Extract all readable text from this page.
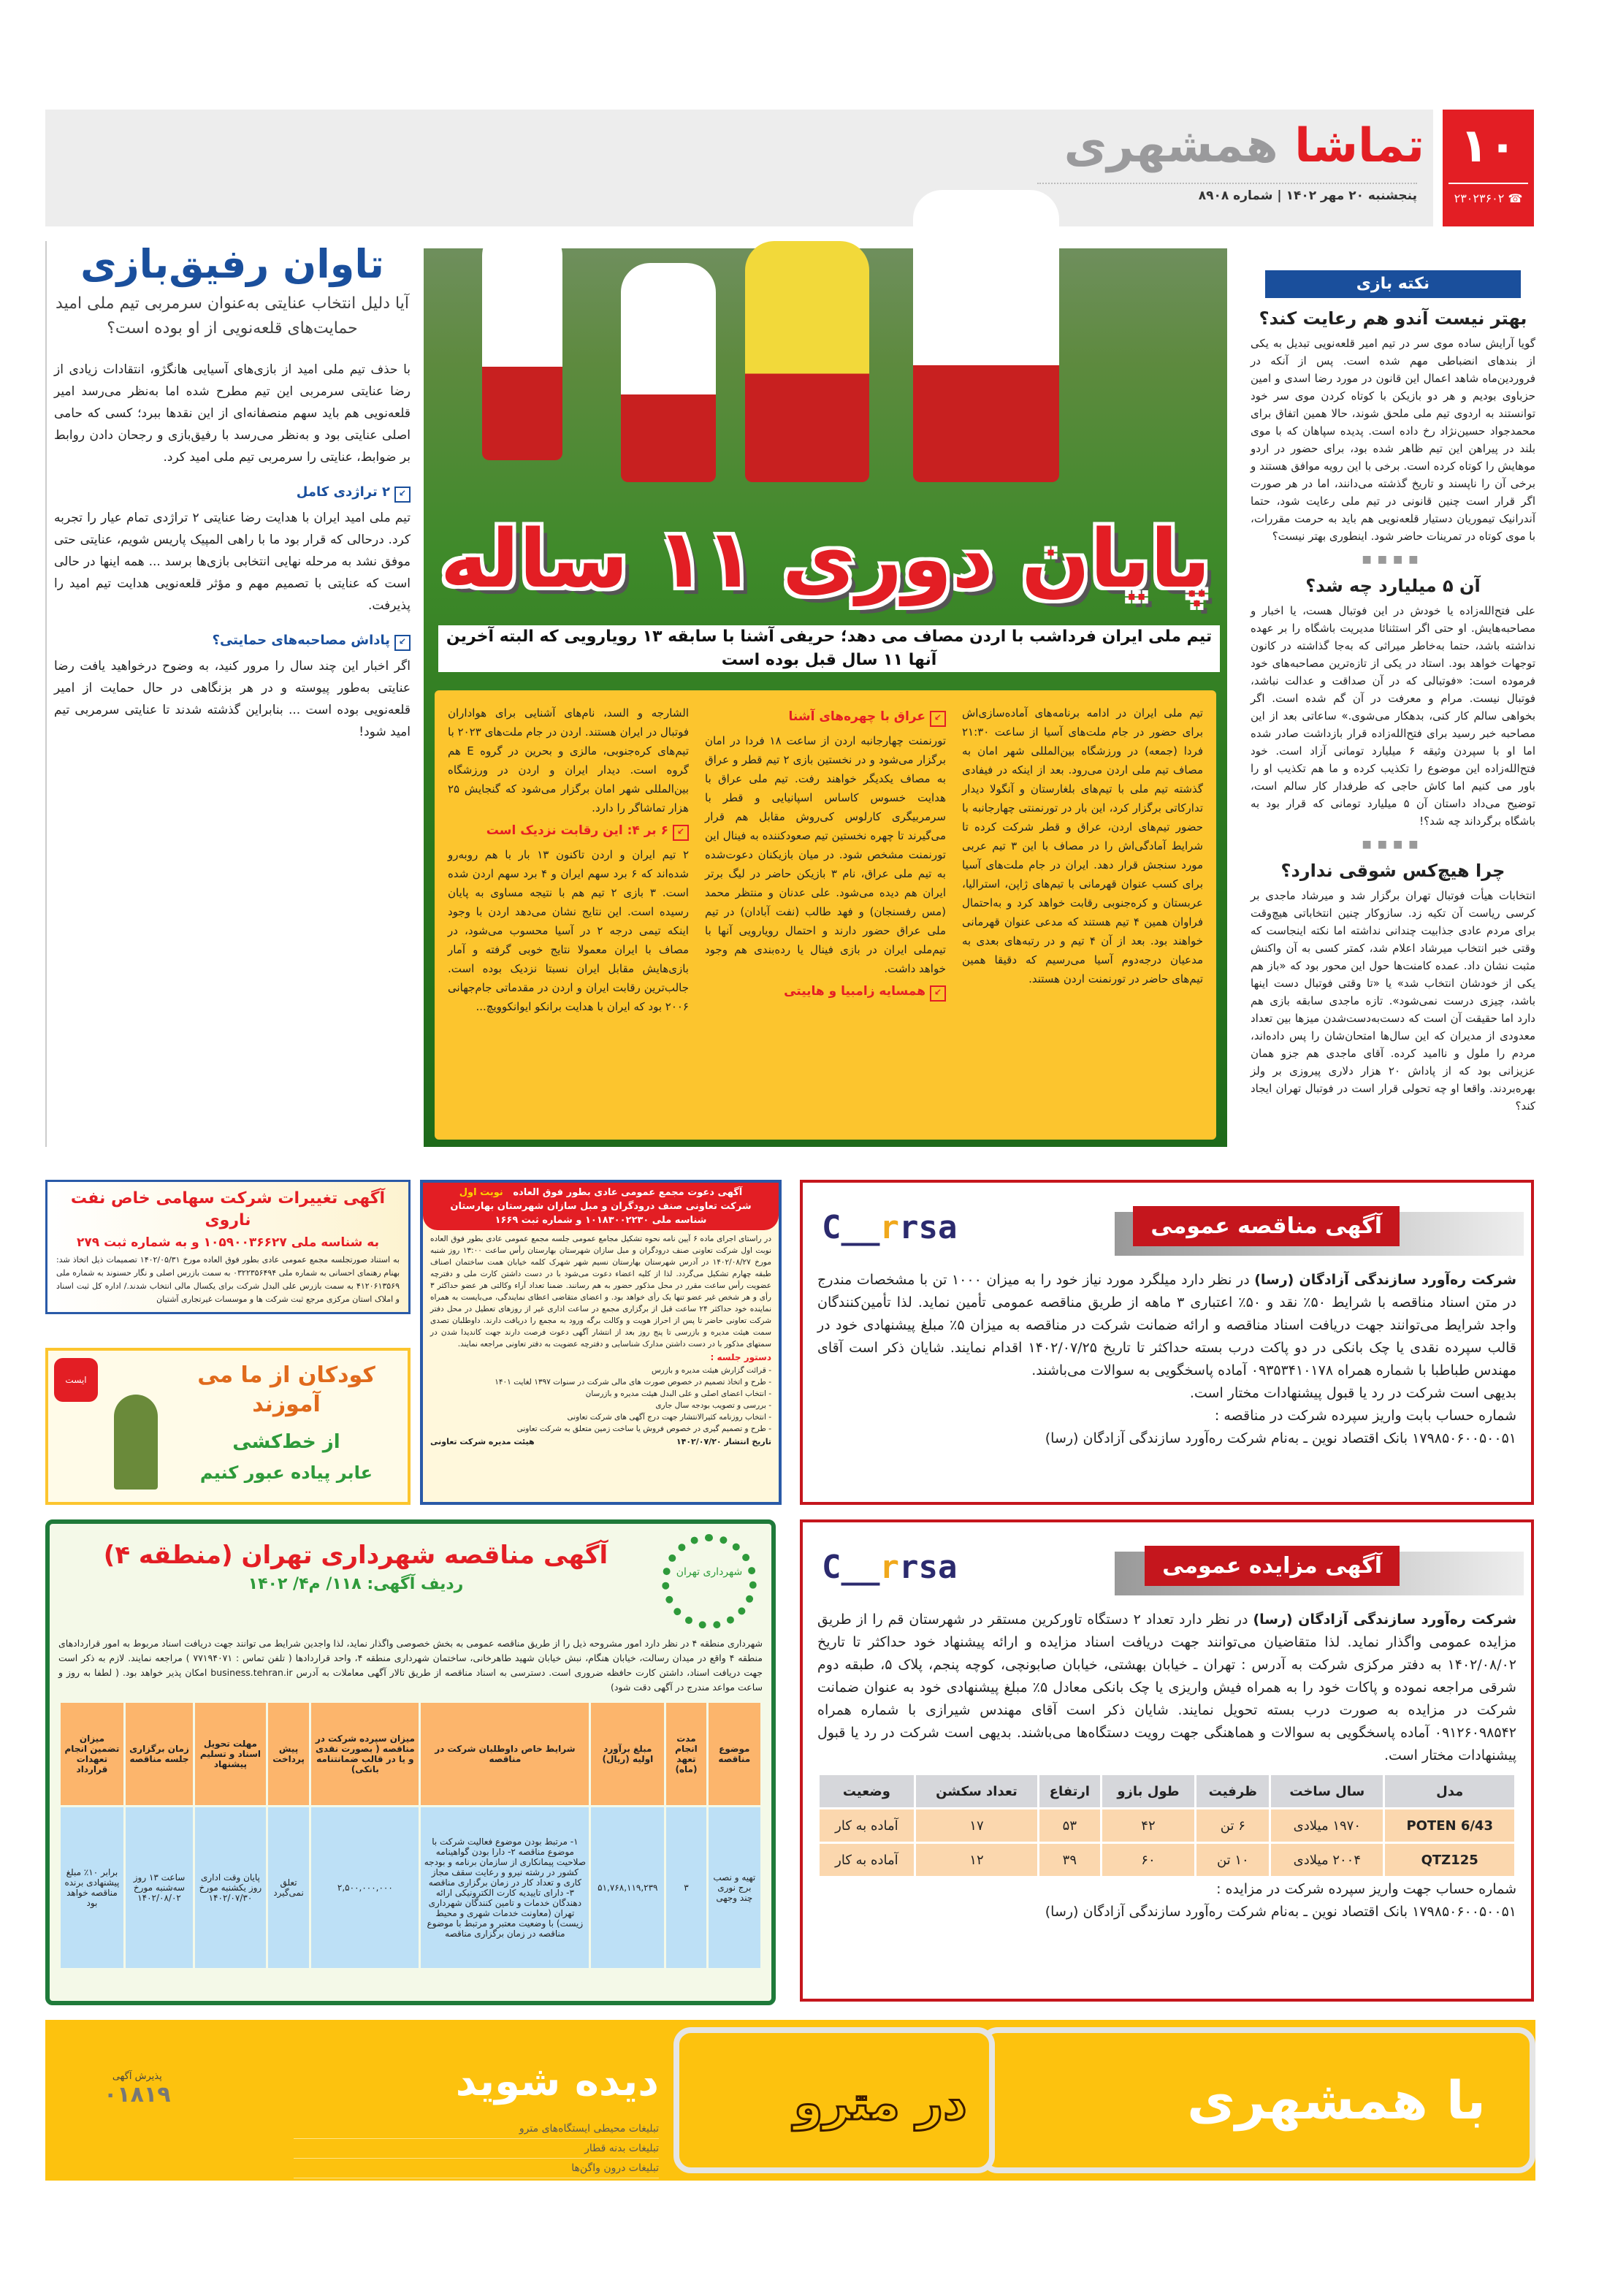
تماشا همشهری
پنجشنبه ۲۰ مهر ۱۴۰۲ | شماره ۸۹۰۸
۱۰
☎ ۲۳۰۲۳۶۰۲
پایان دوری ۱۱ ساله
تیم ملی ایران فرداشب با اردن مصاف می دهد؛ حریفی آشنا با سابقه ۱۳ رویارویی که البته آخرین آنها ۱۱ سال قبل بوده است

تیم ملی ایران در ادامه برنامه‌های آماده‌سازی‌اش برای حضور در جام ملت‌های آسیا از ساعت ۲۱:۳۰ فردا (جمعه) در ورزشگاه بین‌المللی شهر امان به مصاف تیم ملی اردن می‌رود. بعد از اینکه در فیفادی گذشته تیم ملی با تیم‌های بلغارستان و آنگولا دیدار تدارکاتی برگزار کرد، این بار در تورنمنتی چهارجانبه با حضور تیم‌های اردن، عراق و قطر شرکت کرده تا شرایط آمادگی‌اش را در مصاف با این ۳ تیم عربی مورد سنجش قرار دهد. ایران در جام ملت‌های آسیا برای کسب عنوان قهرمانی با تیم‌های ژاپن، استرالیا، عربستان و کره‌جنوبی رقابت خواهد کرد و به‌احتمال فراوان همین ۴ تیم هستند که مدعی عنوان قهرمانی خواهند بود. بعد از آن ۴ تیم و در رتبه‌های بعدی به مدعیان درجه‌دوم آسیا می‌رسیم که دقیقا همین تیم‌های حاضر در تورنمنت اردن هستند.

↙ عراق با چهره‌های آشنا

تورنمنت چهارجانبه اردن از ساعت ۱۸ فردا در امان برگزار می‌شود و در نخستین بازی ۲ تیم قطر و عراق به مصاف یکدیگر خواهند رفت. تیم ملی عراق با هدایت خسوس کاساس اسپانیایی و قطر با سرمربیگری کارلوس کی‌روش مقابل هم قرار می‌گیرند تا چهره نخستین تیم صعودکننده به فینال این تورنمنت مشخص شود. در میان بازیکنان دعوت‌شده به تیم ملی عراق، نام ۳ بازیکن حاضر در لیگ برتر ایران هم دیده می‌شود. علی عدنان و منتظر محمد (مس رفسنجان) و فهد طالب (نفت آبادان) در تیم ملی عراق حضور دارند و احتمال رویارویی آنها با تیم‌ملی ایران در بازی فینال یا رده‌بندی هم وجود خواهد داشت.

↙ همسایه زامبیا و هاییتی

الشارجه و السد، نام‌های آشنایی برای هواداران فوتبال در ایران هستند. اردن در جام ملت‌های ۲۰۲۳ با تیم‌های کره‌جنوبی، مالزی و بحرین در گروه E هم گروه است. دیدار ایران و اردن در ورزشگاه بین‌المللی شهر امان برگزار می‌شود که گنجایش ۲۵ هزار تماشاگر را دارد.

↙ ۶ بر ۴: این رقابت نزدیک است

۲ تیم ایران و اردن تاکنون ۱۳ بار با هم روبه‌رو شده‌اند که ۶ برد سهم ایران و ۴ برد سهم اردن شده است. ۳ بازی ۲ تیم هم با نتیجه مساوی به پایان رسیده است. این نتایج نشان می‌دهد اردن با وجود اینکه تیمی درجه ۲ در آسیا محسوب می‌شود، در مصاف با ایران معمولا نتایج خوبی گرفته و آمار بازی‌هایش مقابل ایران نسبتا نزدیک بوده است. جالب‌ترین رقابت ایران و اردن در مقدماتی جام‌جهانی ۲۰۰۶ بود که ایران با هدایت برانکو ایوانکوویچ...

تاوان رفیق‌بازی
آیا دلیل انتخاب عنایتی به‌عنوان سرمربی تیم ملی امید حمایت‌های قلعه‌نویی از او بوده است؟

با حذف تیم ملی امید از بازی‌های آسیایی هانگژو، انتقادات زیادی از رضا عنایتی سرمربی این تیم مطرح شده اما به‌نظر می‌رسد امیر قلعه‌نویی هم باید سهم منصفانه‌ای از این نقدها ببرد؛ کسی که حامی اصلی عنایتی بود و به‌نظر می‌رسد با رفیق‌بازی و رجحان دادن روابط بر ضوابط، عنایتی را سرمربی تیم ملی امید کرد.

↙ ۲ تراژدی کامل

تیم ملی امید ایران با هدایت رضا عنایتی ۲ تراژدی تمام عیار را تجربه کرد. درحالی که قرار بود ما با راهی المپیک پاریس شویم، عنایتی حتی موفق نشد به مرحله نهایی انتخابی بازی‌ها برسد ... همه اینها در حالی است که عنایتی با تصمیم مهم و مؤثر قلعه‌نویی هدایت تیم امید را پذیرفت.

↙ پاداش مصاحبه‌های حمایتی؟

اگر اخبار این چند سال را مرور کنید، به وضوح درخواهید یافت رضا عنایتی به‌طور پیوسته و در هر بزنگاهی در حال حمایت از امیر قلعه‌نویی بوده است ... بنابراین گذشته شدند تا عنایتی سرمربی تیم امید شود!

نکته بازی
بهتر نیست آندو هم رعایت کند؟

گویا آرایش ساده موی سر در تیم امیر قلعه‌نویی تبدیل به یکی از بندهای انضباطی مهم شده است. پس از آنکه در فروردین‌ماه شاهد اعمال این قانون در مورد رضا اسدی و امین حزباوی بودیم و هر دو بازیکن با کوتاه کردن موی سر خود توانستند به اردوی تیم ملی ملحق شوند، حالا همین اتفاق برای محمدجواد حسین‌نژاد رخ داده است. پدیده سپاهان که با موی بلند در پیراهن این تیم ظاهر شده بود، برای حضور در اردو موهایش را کوتاه کرده است. برخی با این رویه موافق هستند و برخی آن را ناپسند و تاریخ گذشته می‌دانند، اما در هر صورت اگر قرار است چنین قانونی در تیم ملی رعایت شود، حتما آندرانیک تیموریان دستیار قلعه‌نویی هم باید به حرمت مقررات، با موی کوتاه در تمرینات حاضر شود. اینطوری بهتر نیست؟

■■■■
آن ۵ میلیارد چه شد؟

علی فتح‌الله‌زاده یا خودش در این فوتبال هست، یا اخبار و مصاحبه‌هایش. او حتی اگر استثنائا مدیریت باشگاه را بر عهده نداشته باشد، حتما به‌خاطر میراثی که به‌جا گذاشته در کانون توجهات خواهد بود. استاد در یکی از تازه‌ترین مصاحبه‌های خود فرموده است: «فوتبالی که در آن صداقت و عدالت نباشد، فوتبال نیست. مرام و معرفت در آن گم شده است. اگر بخواهی سالم کار کنی، بدهکار می‌شوی.» ساعاتی بعد از این مصاحبه خبر رسید برای فتح‌الله‌زاده قرار بازداشت صادر شده اما او با سپردن وثیقه ۶ میلیارد تومانی آزاد است. خود فتح‌الله‌زاده این موضوع را تکذیب کرده و ما هم تکذیب او را باور می کنیم اما کاش حاجی که طرفدار کار سالم است، توضیح می‌داد داستان آن ۵ میلیارد تومانی که قرار بود به باشگاه برگرداند چه شد؟!

■■■■
چرا هیچ‌کس شوقی ندارد؟

انتخابات هیأت فوتبال تهران برگزار شد و میرشاد ماجدی بر کرسی ریاست آن تکیه زد. سازوکار چنین انتخاباتی هیچ‌وقت برای مردم عادی جذابیت چندانی نداشته اما نکته اینجاست که وقتی خبر انتخاب میرشاد اعلام شد، کمتر کسی به آن واکنش مثبت نشان داد. عمده کامنت‌ها حول این محور بود که «باز هم یکی از خودشان انتخاب شد» یا «تا وقتی فوتبال دست اینها باشد، چیزی درست نمی‌شود». تازه ماجدی سابقه بازی هم دارد اما حقیقت آن است که دست‌به‌دست‌شدن میزها بین تعداد معدودی از مدیران که این سال‌ها امتحان‌شان را پس داده‌اند، مردم را ملول و ناامید کرده. آقای ماجدی هم جزو همان عزیزانی بود که از پاداش ۲۰ هزار دلاری پیروزی بر ولز بهره‌بردند. واقعا او چه تحولی قرار است در فوتبال تهران ایجاد کند؟

آگهی تغییرات شرکت سهامی خاص نفت ناروی
به شناسه ملی ۱۰۵۹۰۰۳۶۶۲۷ و به شماره ثبت ۲۷۹

به استناد صورتجلسه مجمع عمومی عادی بطور فوق العاده مورخ ۱۴۰۲/۰۵/۳۱ تصمیمات ذیل اتخاذ شد: بهنام رهنمای احسانی به شماره ملی ۰۳۲۲۳۵۶۴۹۴ به سمت بازرس اصلی و نگار حسنوند به شماره ملی ۴۱۲۰۶۱۳۵۶۹ به سمت بازرس علی البدل شرکت برای یکسال مالی انتخاب شدند./ اداره کل ثبت اسناد و املاک استان مرکزی مرجع ثبت شرکت ها و موسسات غیرتجاری آشتیان

ایست	کودکان از ما می آموزند
از خط‌کشی
عابر پیاده عبور کنیم
آگهی دعوت مجمع عمومی عادی بطور فوق العاده   نوبت اول
شرکت تعاونی صنف درودگران و مبل سازان شهرستان بهارستان
شناسه ملی ۱۰۱۸۳۰۰۲۲۳۰ و شماره ثبت ۱۶۶۹

در راستای اجرای ماده ۶ آیین نامه نحوه تشکیل مجامع عمومی جلسه مجمع عمومی عادی بطور فوق العاده نوبت اول شرکت تعاونی صنف درودگران و مبل سازان شهرستان بهارستان رأس ساعت ۱۳:۰۰ روز شنبه مورخ ۱۴۰۲/۰۸/۲۷ در آدرس شهرستان بهارستان نسیم شهر شهرک کلمه خیابان همت ساختمان اصناف طبقه چهارم تشکیل می‌گردد. لذا از کلیه اعضاء دعوت می‌شود با در دست داشتن کارت ملی و دفترچه عضویت رأس ساعت مقرر در محل مذکور حضور به هم رسانند. ضمنا تعداد آراء وکالتی هر عضو حداکثر ۳ رأی و هر شخص غیر عضو تنها یک رأی خواهد بود. و اعضای متقاضی اعطای نمایندگی، می‌بایست به همراه نماینده خود حداکثر ۲۴ ساعت قبل از برگزاری مجمع در ساعت اداری غیر از روزهای تعطیل در محل دفتر شرکت تعاونی حاضر تا پس از احراز هویت و وکالت برگه ورود به مجمع را دریافت دارند. داوطلبان تصدی سمت هیئت مدیره و بازرسی تا پنج روز بعد از انتشار آگهی دعوت فرصت دارند جهت کاندیدا شدن در سمتهای مذکور با در دست داشتن مدارک شناسایی و دفترچه عضویت به دفتر تعاونی مراجعه نمایند.

دستور جلسه :
- قرائت گزارش هیئت مدیره و بازرس
- طرح و اتخاذ تصمیم در خصوص صورت های مالی شرکت در سنوات ۱۳۹۷ لغایت ۱۴۰۱
- انتخاب اعضای اصلی و علی البدل هیئت مدیره و بازرسان
- بررسی و تصویب بودجه سال جاری
- انتخاب روزنامه کثیرالانتشار جهت درج آگهی های شرکت تعاونی
- طرح و تصمیم گیری در خصوص فروش یا ساخت زمین متعلق به شرکت تعاونی
تاریخ انتشار ۱۴۰۲/۰۷/۲۰
هیئت مدیره شرکت تعاونی
آگهی مناقصه عمومی
C__rrsa

شرکت ره‌آورد سازندگی آزادگان (رسا) در نظر دارد میلگرد مورد نیاز خود را به میزان ۱۰۰۰ تن با مشخصات مندرج در متن اسناد مناقصه با شرایط ۵۰٪ نقد و ۵۰٪ اعتباری ۳ ماهه از طریق مناقصه عمومی تأمین نماید. لذا تأمین‌کنندگان واجد شرایط می‌توانند جهت دریافت اسناد مناقصه و ارائه ضمانت شرکت در مناقصه به میزان ۵٪ مبلغ پیشنهادی خود در قالب سپرده نقدی یا چک بانکی در دو پاکت درب بسته حداکثر تا تاریخ ۱۴۰۲/۰۷/۲۵ اقدام نمایند. شایان ذکر است آقای مهندس طباطبا با شماره همراه ۰۹۳۵۳۴۱۰۱۷۸ آماده پاسخگویی به سوالات می‌باشند.

بدیهی است شرکت در رد یا قبول پیشنهادات مختار است.

شماره حساب بابت واریز سپرده شرکت در مناقصه :

۱۷۹۸۵۰۶۰۰۵۰۰۵۱ بانک اقتصاد نوین ـ به‌نام شرکت ره‌آورد سازندگی آزادگان (رسا)

شهرداری تهران
آگهی مناقصه شهرداری تهران (منطقه ۴)
ردیف آگهی: ۱۱۸/ م۴/ ۱۴۰۲

شهرداری منطقه ۴ در نظر دارد امور مشروحه ذیل را از طریق مناقصه عمومی به بخش خصوصی واگذار نماید، لذا واجدین شرایط می توانند جهت دریافت اسناد مربوط به امور قراردادهای منطقه ۴ واقع در میدان رسالت، خیابان هنگام، نبش خیابان شهید طاهرخانی، ساختمان شهرداری منطقه ۴، واحد قراردادها ( تلفن تماس : ۷۷۱۹۴۰۷۱ ) مراجعه نمایند. لازم به ذکر است جهت دریافت اسناد، داشتن کارت حافظه ضروری است. دسترسی به اسناد مناقصه از طریق تالار آگهی معاملات به آدرس business.tehran.ir امکان پذیر خواهد بود. ( لطفا به روز و ساعت مواعد مندرج در آگهی دقت شود)

موضوع مناقصه	مدت انجام تعهد (ماه)	مبلغ برآورد اولیه (ریال)	شرایط خاص داوطلبان شرکت در مناقصه	میزان سپرده شرکت در مناقصه ( بصورت نقدی و یا در قالب ضمانتنامه بانکی)	پیش پرداخت	مهلت تحویل اسناد و تسلیم پیشنهاد	زمان برگزاری جلسه مناقصه	میزان تضمین انجام تعهدات قرارداد
تهیه و نصب برج نوری چند وجهی	۳	۵۱,۷۶۸,۱۱۹,۲۳۹	۱- مرتبط بودن موضوع فعالیت شرکت با موضوع مناقصه ۲- دارا بودن گواهینامه صلاحیت پیمانکاری از سازمان برنامه و بودجه کشور در رشته نیرو و رعایت سقف مجاز کاری و تعداد کار در زمان برگزاری مناقصه ۳- دارای تاییدیه کارت الکترونیکی ارائه دهندگان خدمات و تامین کنندگان شهرداری تهران (معاونت خدمات شهری و محیط زیست) با وضعیت معتبر و مرتبط با موضوع مناقصه در زمان برگزاری مناقصه	۲,۵۰۰,۰۰۰,۰۰۰	تعلق نمی‌گیرد	پایان وقت اداری روز یکشنبه مورخ ۱۴۰۲/۰۷/۳۰	ساعت ۱۳ روز سه‌شنبه مورخ ۱۴۰۲/۰۸/۰۲	برابر ۱۰٪ مبلغ پیشنهادی برنده مناقصه خواهد بود
آگهی مزایده عمومی
C__rrsa

شرکت ره‌آورد سازندگی آزادگان (رسا) در نظر دارد تعداد ۲ دستگاه تاورکرین مستقر در شهرستان قم را از طریق مزایده عمومی واگذار نماید. لذا متقاضیان می‌توانند جهت دریافت اسناد مزایده و ارائه پیشنهاد خود حداکثر تا تاریخ ۱۴۰۲/۰۸/۰۲ به دفتر مرکزی شرکت به آدرس : تهران ـ خیابان بهشتی، خیابان صابونچی، کوچه پنجم، پلاک ۵، طبقه دوم شرقی مراجعه نموده و پاکات خود را به همراه فیش واریزی یا چک بانکی معادل ۵٪ مبلغ پیشنهادی خود به عنوان ضمانت شرکت در مزایده به صورت درب بسته تحویل نمایند. شایان ذکر است آقای مهندس شیرازی با شماره همراه ۰۹۱۲۶۰۹۸۵۴۲ آماده پاسخگویی به سوالات و هماهنگی جهت رویت دستگاه‌ها می‌باشند. بدیهی است شرکت در رد یا قبول پیشنهادات مختار است.

مدل	سال ساخت	ظرفیت	طول بازو	ارتفاع	تعداد سکشن	وضعیت
POTEN 6/43	۱۹۷۰ میلادی	۶ تن	۴۲	۵۳	۱۷	آماده به کار
QTZ125	۲۰۰۴ میلادی	۱۰ تن	۶۰	۳۹	۱۲	آماده به کار

شماره حساب جهت واریز سپرده شرکت در مزایده :

۱۷۹۸۵۰۶۰۰۵۰۰۵۱ بانک اقتصاد نوین ـ به‌نام شرکت ره‌آورد سازندگی آزادگان (رسا)

با همشهری
در مترو
دیده شوید
تبلیغات محیطی ایستگاه‌های مترو
تبلیغات بدنه قطار
تبلیغات درون واگن‌ها
پذیرش آگهی
۰۱۸۱۹
